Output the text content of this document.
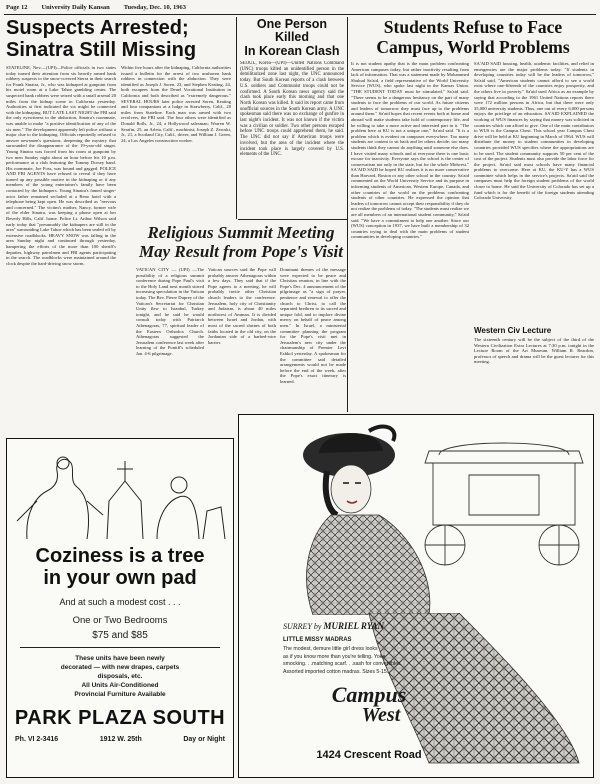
Page 12 University Daily Kansan Tuesday, Dec. 10, 1963
Suspects Arrested;
Sinatra Still Missing
STATELINE, Nev.—(UPI)—Police officials in two states today turned their attention from six heavily armed bank robbery suspects to the snow-covered Sierra in their search for Frank Sinatra, Jr., who was kidnaped at gunpoint from his motel room at a Lake Tahoe gambling center. The suspected bank robbers were seized with a small arsenal 20 miles from the kidnap scene in California yesterday. Authorities at first indicated the six might be connected with the kidnaping. BUT LATE LAST NIGHT the FBI said the only eyewitness to the abduction, Sinatra's roommate, was unable to make "a positive identification of any of the six men." The development apparently left police without a major clue to the kidnaping. Officials reportedly refused to answer newsmen's questions, deepening the mystery that surrounded the disappearance of the 19-year-old singer. Young Sinatra was forced from his room at gunpoint by two men Sunday night about an hour before his 10 p.m. performance at a club featuring the Tommy Dorsey band. His roommate, Joe Foss, was bound and gagged. POLICE AND FBI AGENTS have refused to reveal if they have turned up any possible motive in the kidnaping or if any members of the young entertainer's family have been contacted by the kidnapers. Young Sinatra's famed singer-actor father remained secluded at a Reno hotel with a telephone being kept open. He was described as "nervous and concerned." The victim's mother, Nancy, former wife of the elder Sinatra, was keeping a phone open at her Beverly Hills, Calif. home. Police Lt. Arthur Wilson said early today that "presumably the kidnapers are still in the area" surrounding Lake Tahoe which has been sealed off by extensive roadblocks. HEAVY SNOW was falling in the area Sunday night and continued through yesterday, hampering the efforts of the more than 100 sheriff's deputies, highway patrolmen and FBI agents participating in the search. The roadblocks were maintained around the clock despite the hard-driving snow storm.
Within five hours after the kidnaping, California authorities issued a bulletin for the arrest of two unshaven bank robbers in connection with the abduction. They were identified as Joseph J. Soren, 23, and Stephen Keating, 24, both escapees from the Deuel Vocational Institution in California and both described as "extremely dangerous." SEVERAL HOURS later police arrested Soren, Keating and four companions at a lodge in Strawberry, Calif., 20 miles from Stateline. Each man was armed with two revolvers, the FBI said. The four others were identified as Donald Rolls, Jr., 24, a Hollywood salesman; Warren W. Serafin, 25, an Arleta, Calif., machinist; Joseph Z. Zeroski, Jr., 21, a Scotland City, Calif., driver, and William J. Green, 24, a Los Angeles construction worker.
One Person Killed
In Korean Clash
SEOUL, Korea—(UPI)—United Nations Command (UNC) troops killed an unidentified person in the demilitarized zone last night, the UNC announced today. But South Korean reports of a clash between U.S. soldiers and Communist troops could not be confirmed. A South Korean news agency said the clash took place early this morning and that one North Korean was killed. It said its report came from unofficial sources in the South Korean army. A UNC spokesman said there was no exchange of gunfire in last night's incident. It was not known if the victim was a civilian or soldier. Two other persons escaped before UNC troops could apprehend them, he said. The UNC did not say if American troops were involved, but the area of the incident where the incident took place is largely covered by U.S. elements of the UNC.
Students Refuse to Face
Campus, World Problems
It is not student apathy that is the main problem confronting American campuses today, but rather inactivity resulting from lack of information. That was a statement made by Mohammed Shuhud Sa'aid, a field representative of the World University Service (WUS), who spoke last night in the Kansas Union. "THE STUDENT TODAY must be stimulated," Sa'aid said. "There seems to be a dangerous hesitancy on the part of many students to face the problems of our world. As future citizens and leaders of tomorrow they must face up to the problems around them." Sa'aid hopes that recent events both at home and abroad will make students take hold of contemporary life, and be willing to take a more active and interested part in it. "The problem here at KU is not a unique one," Sa'aid said. "It is a problem which is evident on campuses everywhere. Too many students are content to sit back and let others decide; too many students think they cannot do anything until someone else does. I have visited many schools and at everyone there is one basic excuse for inactivity. Everyone says the school is the center of conservatism not only in the state, but for the whole Midwest." SA'AID SAID he hoped KU realizes it is no more conservative than Harvard, Boston or any other school in the country. Sa'aid commented on the World University Service and its purpose in informing students of American, Western Europe, Canada, and other countries of the world on the problems confronting students of other countries. He expressed the opinion that leaders of tomorrow cannot accept their responsibility if they do not realize the problems of today. "The students must realize we are all members of an international student community," Sa'aid said. "We have a commitment to help one another. Since our (WUS) conception in 1937, we have built a membership of 32 countries trying to deal with the main problems of student communities in developing countries."
SA'AID SAID housing, health, academic facilities, and relief in emergencies are the major problems today. "If students in developing countries today will be the leaders of tomorrow," Sa'aid said, "American students cannot afford to see a world exist where one-fifteenth of the countries enjoy prosperity, and the others live in poverty." Sa'aid used Africa as an example by saying that according to the 1961 United Nations reports there were 172 million persons in Africa, but that there were only 35,000 university students. Thus, one out of every 6,000 persons enjoys the privilege of an education. SA'AID EXPLAINED the working of WUS finances by saying that money was solicited in countries which can afford to give. One of the main contributors to WUS is the Campus Chest. This school year Campus Chest drive will be held at KU beginning in March of 1964. WUS will distribute the money to student communities in developing countries provided WUS specifies where the appropriations are to be used. The student community supports 50 per cent of the cost of the project. Students must also provide the labor force for the project. Sa'aid said most schools have many financial problems to overcome. Here at KU, the KU-Y has a WUS committee which helps in the service's projects. Sa'aid said the campuses must help the foreign student problems of the world closer to home. He said the University of Colorado has set up a fund which is for the benefit of the foreign students attending Colorado University.
Western Civ Lecture
The sixteenth century will be the subject of the third of the Western Civilization Extra Lectures at 7:30 p.m. tonight in the Lecture Room of the Art Museum. William R. Reardon, professor of speech and drama will be the guest lecturer for this meeting.
Religious Summit Meeting
May Result from Pope's Visit
VATICAN CITY — (UPI) —The possibility of a religious summit conference during Pope Paul's visit to the Holy Land next month stirred increasing speculation in the Vatican today. The Rev. Pierre Duprey of the Vatican's Secretariat for Christian Unity flew to Istanbul, Turkey tonight, and he said he would consult today with Patriarch Athenagoras, 77, spiritual leader of the Eastern Orthodox Church. Athenagoras suggested the Jerusalem conference last week after learning of the Pontiff's scheduled Jan. 4-6 pilgrimage.
Vatican sources said the Pope will probably answer Athenagoras within a few days. They said that if the Pope agrees to a meeting, he will probably invite other Christian church leaders to the conference. Jerusalem, holy city of Christianity and Judaism, is about 40 miles northwest of Amman. It is divided between Israel and Jordan, with most of the sacred shrines of both faiths located in the old city, on the Jordanian side of a barbed-wire barrier.
Dominant themes of the message were expected to be peace and Christian reunion, in line with the Pope's Dec. 4 announcement of the pilgrimage as "a sign of prayer, penitence and renewal to offer the church to Christ, to call the separated brethren to its sacred and unique fold, and to implore divine mercy on behalf of peace among men." In Israel, a ministerial committee planning the program for the Pope's visit met in Jerusalem's new city under the chairmanship of Premier Levi Eshkol yesterday. A spokesman for the committee said detailed arrangements would not be made before the end of the week, after the Pope's exact itinerary is learned.
Coziness is a tree
in your own pad
And at such a modest cost . . .
One or Two Bedrooms
$75 and $85
These units have been newly
decorated — with new drapes, carpets
disposals, etc.
All Units Air-Conditioned
Provincial Furniture Available
PARK PLAZA SOUTH
Ph. VI 2-3416	1912 W. 25th	Day or Night
SURREY by MURIEL RYAN
LITTLE MISSY MADRAS
The modest, demure little girl dress looks
as if you know more than you're telling. Yoke
smocking. . .matching scarf. . .sash for convertibles.
Assorted imported cotton madras. Sizes 5-15.
Campus
West
1424 Crescent Road
